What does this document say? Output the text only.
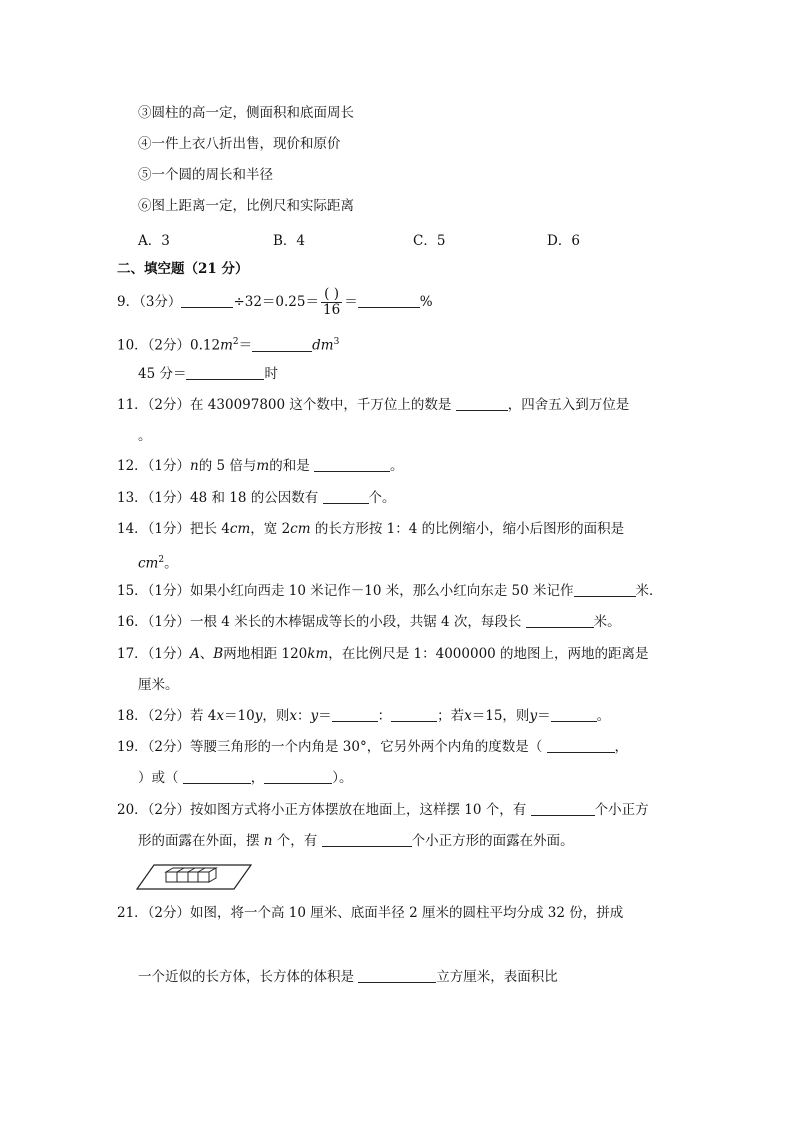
③圆柱的高一定，侧面积和底面周长
④一件上衣八折出售，现价和原价
⑤一个圆的周长和半径
⑥图上距离一定，比例尺和实际距离
A．3	B．4	C．5	D．6
二、填空题（21 分）
9．（3分）	$\div 32=0.25= \frac{( )}{16}$ ＝	%
10．（2分）$0.12m^2=$	$dm^3$
45 分＝	时
11．（2分）在 430097800 这个数中，千万位上的数是	，四舍五入到万位是
。
12．（1分）n的 5 倍与m的和是	。
13．（1分）48 和 18 的公因数有	个。
14．（1分）把长 4cm，宽 2cm 的长方形按 1：4 的比例缩小，缩小后图形的面积是
$cm^2$。
15．（1分）如果小红向西走 10 米记作－10 米，那么小红向东走 50 米记作	米．
16．（1分）一根 4 米长的木棒锯成等长的小段，共锯 4 次，每段长	米。
17．（1分）A、B两地相距 120km，在比例尺是 1：4000000 的地图上，两地的距离是
厘米。
18．（2分）若 4x＝10y，则x：y＝	：	；若x＝15，则y＝	。
19．（2分）等腰三角形的一个内角是 30°，它另外两个内角的度数是（	，
）或（	，	）。
20．（2分）按如图方式将小正方体摆放在地面上，这样摆 10 个，有	个小正方
形的面露在外面，摆 n 个，有	个小正方形的面露在外面。
21．（2分）如图，将一个高 10 厘米、底面半径 2 厘米的圆柱平均分成 32 份，拼成
一个近似的长方体，长方体的体积是	立方厘米，表面积比
